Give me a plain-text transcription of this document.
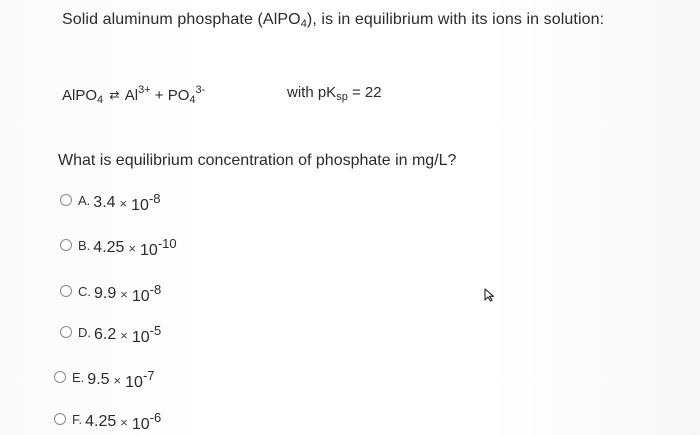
Solid aluminum phosphate (AlPO$_4$), is in equilibrium with its ions in solution:
AlPO$_4$ ⇄ $Al^{3+} + PO_4^{3-}$	with $pK_{sp} = 22$
What is equilibrium concentration of phosphate in mg/L?
A. $3.4 \times 10^{-8}$
B. $4.25 \times 10^{-10}$
C. $9.9 \times 10^{-8}$
D. $6.2 \times 10^{-5}$
E. $9.5 \times 10^{-7}$
F. $4.25 \times 10^{-6}$
